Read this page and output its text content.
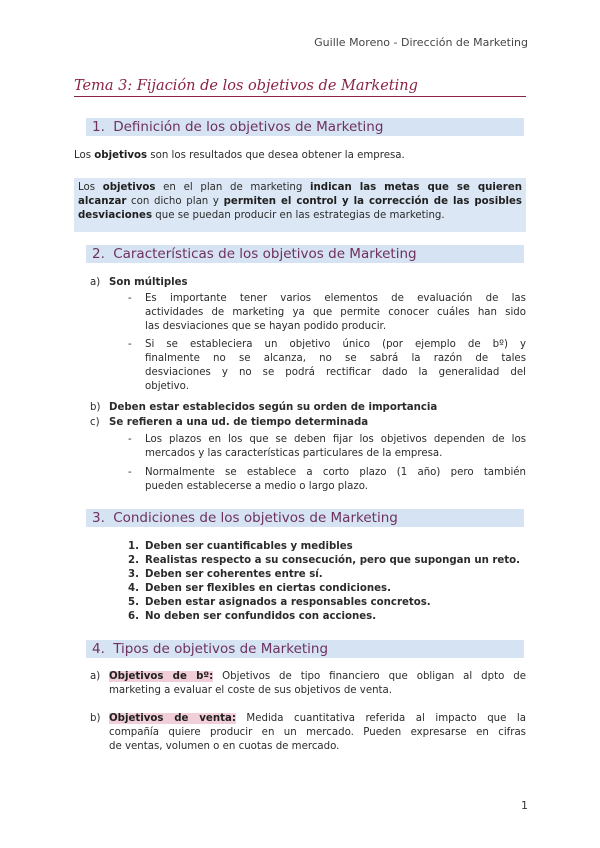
Guille Moreno - Dirección de Marketing
Tema 3: Fijación de los objetivos de Marketing
1. Definición de los objetivos de Marketing
Los objetivos son los resultados que desea obtener la empresa.
Los objetivos en el plan de marketing indican las metas que se quieren
alcanzar con dicho plan y permiten el control y la corrección de las posibles
desviaciones que se puedan producir en las estrategias de marketing.
2. Características de los objetivos de Marketing
a) Son múltiples
- Es importante tener varios elementos de evaluación de las
actividades de marketing ya que permite conocer cuáles han sido
las desviaciones que se hayan podido producir.
- Si se estableciera un objetivo único (por ejemplo de bº) y
finalmente no se alcanza, no se sabrá la razón de tales
desviaciones y no se podrá rectificar dado la generalidad del
objetivo.
b) Deben estar establecidos según su orden de importancia
c) Se refieren a una ud. de tiempo determinada
- Los plazos en los que se deben fijar los objetivos dependen de los
mercados y las características particulares de la empresa.
- Normalmente se establece a corto plazo (1 año) pero también
pueden establecerse a medio o largo plazo.
3. Condiciones de los objetivos de Marketing
1. Deben ser cuantificables y medibles
2. Realistas respecto a su consecución, pero que supongan un reto.
3. Deben ser coherentes entre sí.
4. Deben ser flexibles en ciertas condiciones.
5. Deben estar asignados a responsables concretos.
6. No deben ser confundidos con acciones.
4. Tipos de objetivos de Marketing
a) Objetivos de bº: Objetivos de tipo financiero que obligan al dpto de
marketing a evaluar el coste de sus objetivos de venta.
b) Objetivos de venta: Medida cuantitativa referida al impacto que la
compañía quiere producir en un mercado. Pueden expresarse en cifras
de ventas, volumen o en cuotas de mercado.
1
